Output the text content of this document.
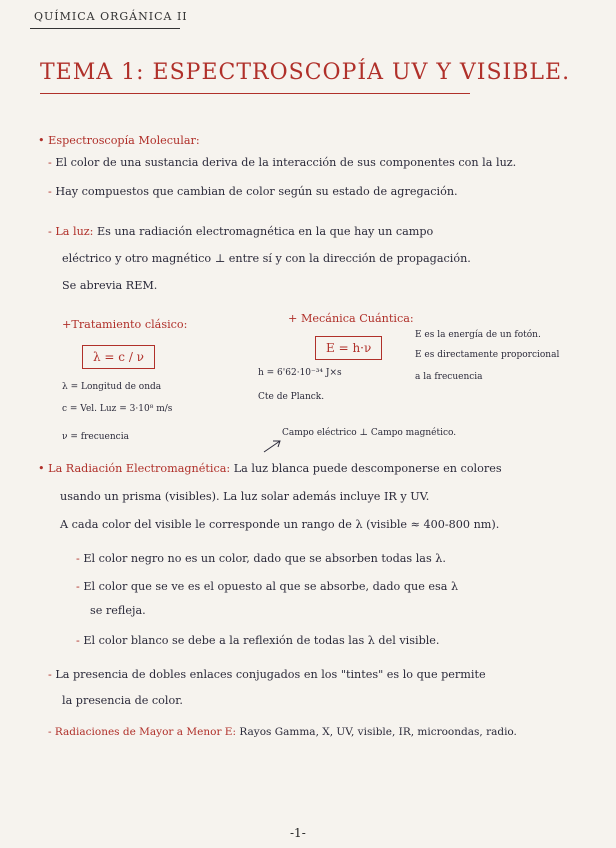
QUÍMICA ORGÁNICA II
TEMA 1: ESPECTROSCOPÍA UV Y VISIBLE.
• Espectroscopía Molecular:
- El color de una sustancia deriva de la interacción de sus componentes con la luz.
- Hay compuestos que cambian de color según su estado de agregación.
- La luz: Es una radiación electromagnética en la que hay un campo
eléctrico y otro magnético ⊥ entre sí y con la dirección de propagación.
Se abrevia REM.
+Tratamiento clásico:
λ = c / ν
λ = Longitud de onda
c = Vel. Luz = 3·10⁸ m/s
ν = frecuencia
+ Mecánica Cuántica:
E = h·ν
h = 6'62·10⁻³⁴ J×s
Cte de Planck.
E es la energía de un fotón.
E es directamente proporcional
a la frecuencia
Campo eléctrico ⊥ Campo magnético.
• La Radiación Electromagnética: La luz blanca puede descomponerse en colores
usando un prisma (visibles). La luz solar además incluye IR y UV.
A cada color del visible le corresponde un rango de λ (visible ≈ 400-800 nm).
- El color negro no es un color, dado que se absorben todas las λ.
- El color que se ve es el opuesto al que se absorbe, dado que esa λ
se refleja.
- El color blanco se debe a la reflexión de todas las λ del visible.
- La presencia de dobles enlaces conjugados en los "tintes" es lo que permite
la presencia de color.
- Radiaciones de Mayor a Menor E: Rayos Gamma, X, UV, visible, IR, microondas, radio.
-1-
